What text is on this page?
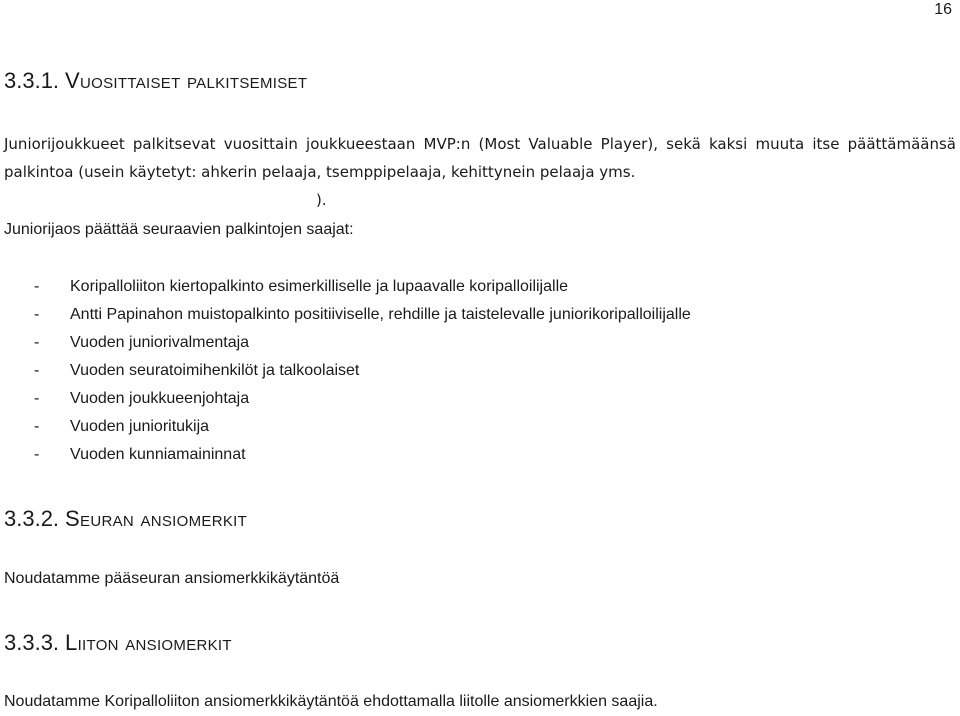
16
3.3.1. Vuosittaiset palkitsemiset
Juniorijoukkueet palkitsevat vuosittain joukkueestaan MVP:n (Most Valuable Player), sekä kaksi muuta itse päättämäänsä palkintoa (usein käytetyt: ahkerin pelaaja, tsemppipelaaja, kehittynein pelaaja yms.
).
Juniorijaos päättää seuraavien palkintojen saajat:
- Koripalloliiton kiertopalkinto esimerkilliselle ja lupaavalle koripalloilijalle
- Antti Papinahon muistopalkinto positiiviselle, rehdille ja taistelevalle juniorikoripalloilijalle
- Vuoden juniorivalmentaja
- Vuoden seuratoimihenkilöt ja talkoolaiset
- Vuoden joukkueenjohtaja
- Vuoden junioritukija
- Vuoden kunniamaininnat
3.3.2. Seuran ansiomerkit
Noudatamme pääseuran ansiomerkkikäytäntöä
3.3.3. Liiton ansiomerkit
Noudatamme Koripalloliiton ansiomerkkikäytäntöä ehdottamalla liitolle ansiomerkkien saajia.
